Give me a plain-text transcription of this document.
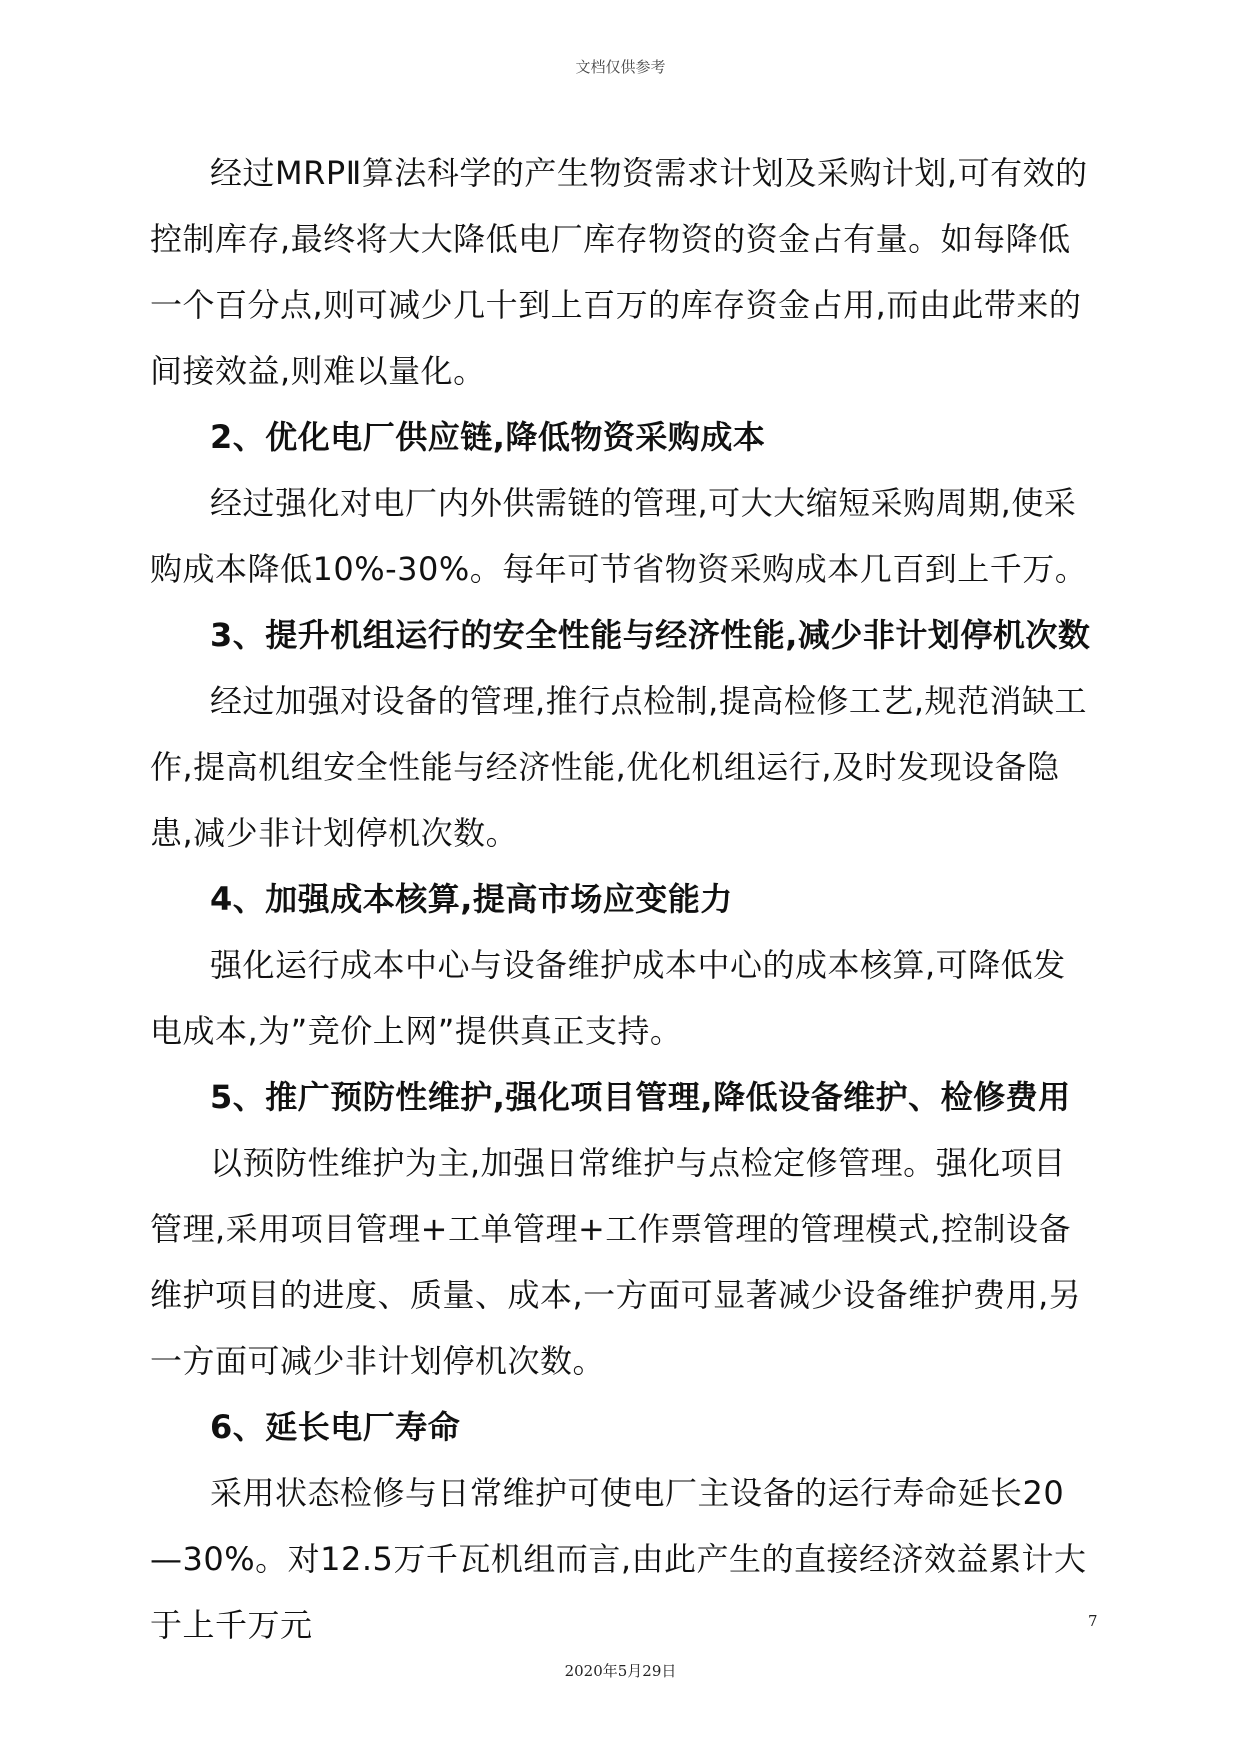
文档仅供参考

经过MRPⅡ算法科学的产生物资需求计划及采购计划,可有效的控制库存,最终将大大降低电厂库存物资的资金占有量。如每降低一个百分点,则可减少几十到上百万的库存资金占用,而由此带来的间接效益,则难以量化。

2、优化电厂供应链,降低物资采购成本

经过强化对电厂内外供需链的管理,可大大缩短采购周期,使采购成本降低10%-30%。每年可节省物资采购成本几百到上千万。

3、提升机组运行的安全性能与经济性能,减少非计划停机次数

经过加强对设备的管理,推行点检制,提高检修工艺,规范消缺工作,提高机组安全性能与经济性能,优化机组运行,及时发现设备隐患,减少非计划停机次数。

4、加强成本核算,提高市场应变能力

强化运行成本中心与设备维护成本中心的成本核算,可降低发电成本,为”竞价上网”提供真正支持。

5、推广预防性维护,强化项目管理,降低设备维护、检修费用

以预防性维护为主,加强日常维护与点检定修管理。强化项目管理,采用项目管理+工单管理+工作票管理的管理模式,控制设备维护项目的进度、质量、成本,一方面可显著减少设备维护费用,另一方面可减少非计划停机次数。

6、延长电厂寿命

采用状态检修与日常维护可使电厂主设备的运行寿命延长20—30%。对12.5万千瓦机组而言,由此产生的直接经济效益累计大于上千万元	7
2020年5月29日
